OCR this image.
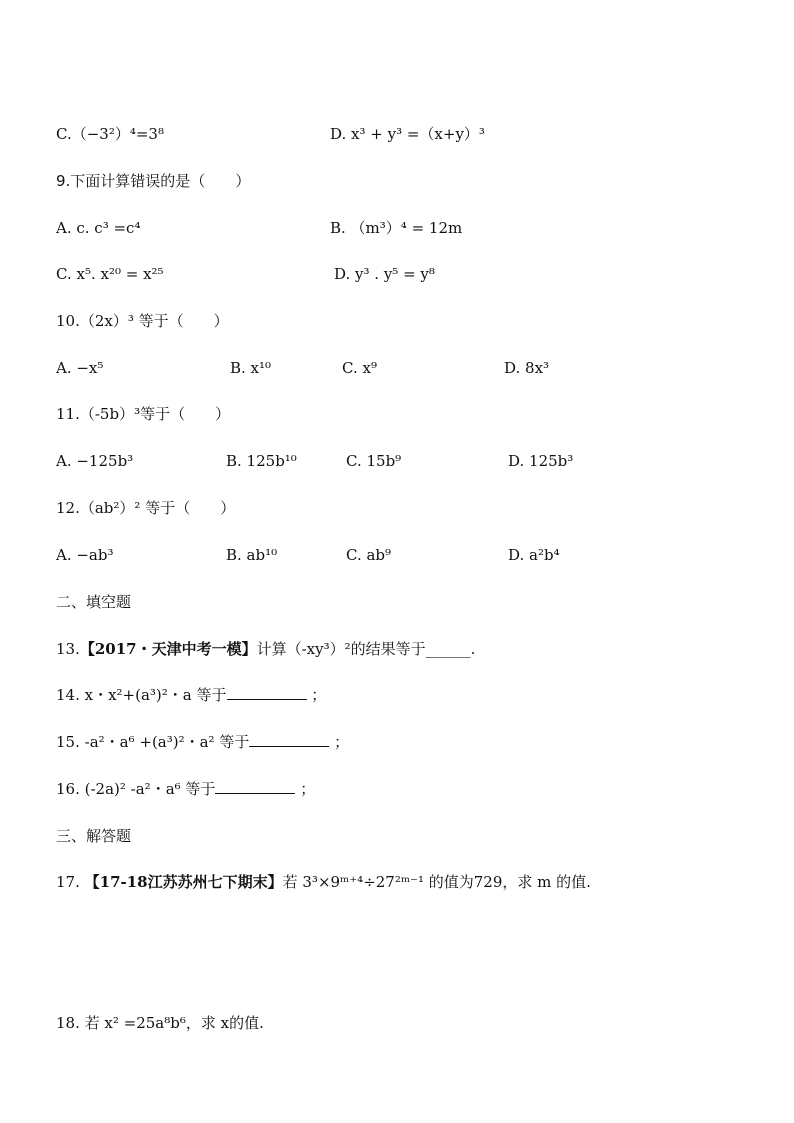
C.（−3²）⁴=3⁸	D. x³ + y³ =（x+y）³
9.下面计算错误的是（　　）
A. c. c³ =c⁴	B. （m³）⁴ = 12m
C. x⁵. x²⁰ = x²⁵	D. y³ . y⁵ = y⁸
10.（2x）³ 等于（　　）
A. −x⁵	B. x¹⁰	C. x⁹	D. 8x³
11.（-5b）³等于（　　）
A. −125b³	B. 125b¹⁰	C. 15b⁹	D. 125b³
12.（ab²）² 等于（　　）
A. −ab³	B. ab¹⁰	C. ab⁹	D. a²b⁴
二、填空题
13.【2017・天津中考一模】计算（-xy³）²的结果等于______.
14. x・x²+(a³)²・a 等于	；
15. -a²・a⁶ +(a³)²・a² 等于	；
16. (-2a)² -a²・a⁶ 等于	；
三、解答题
17. 【17-18江苏苏州七下期末】若 3³×9ᵐ⁺⁴÷27²ᵐ⁻¹ 的值为729，求 m 的值.
18. 若 x² =25a⁸b⁶，求 x的值.
